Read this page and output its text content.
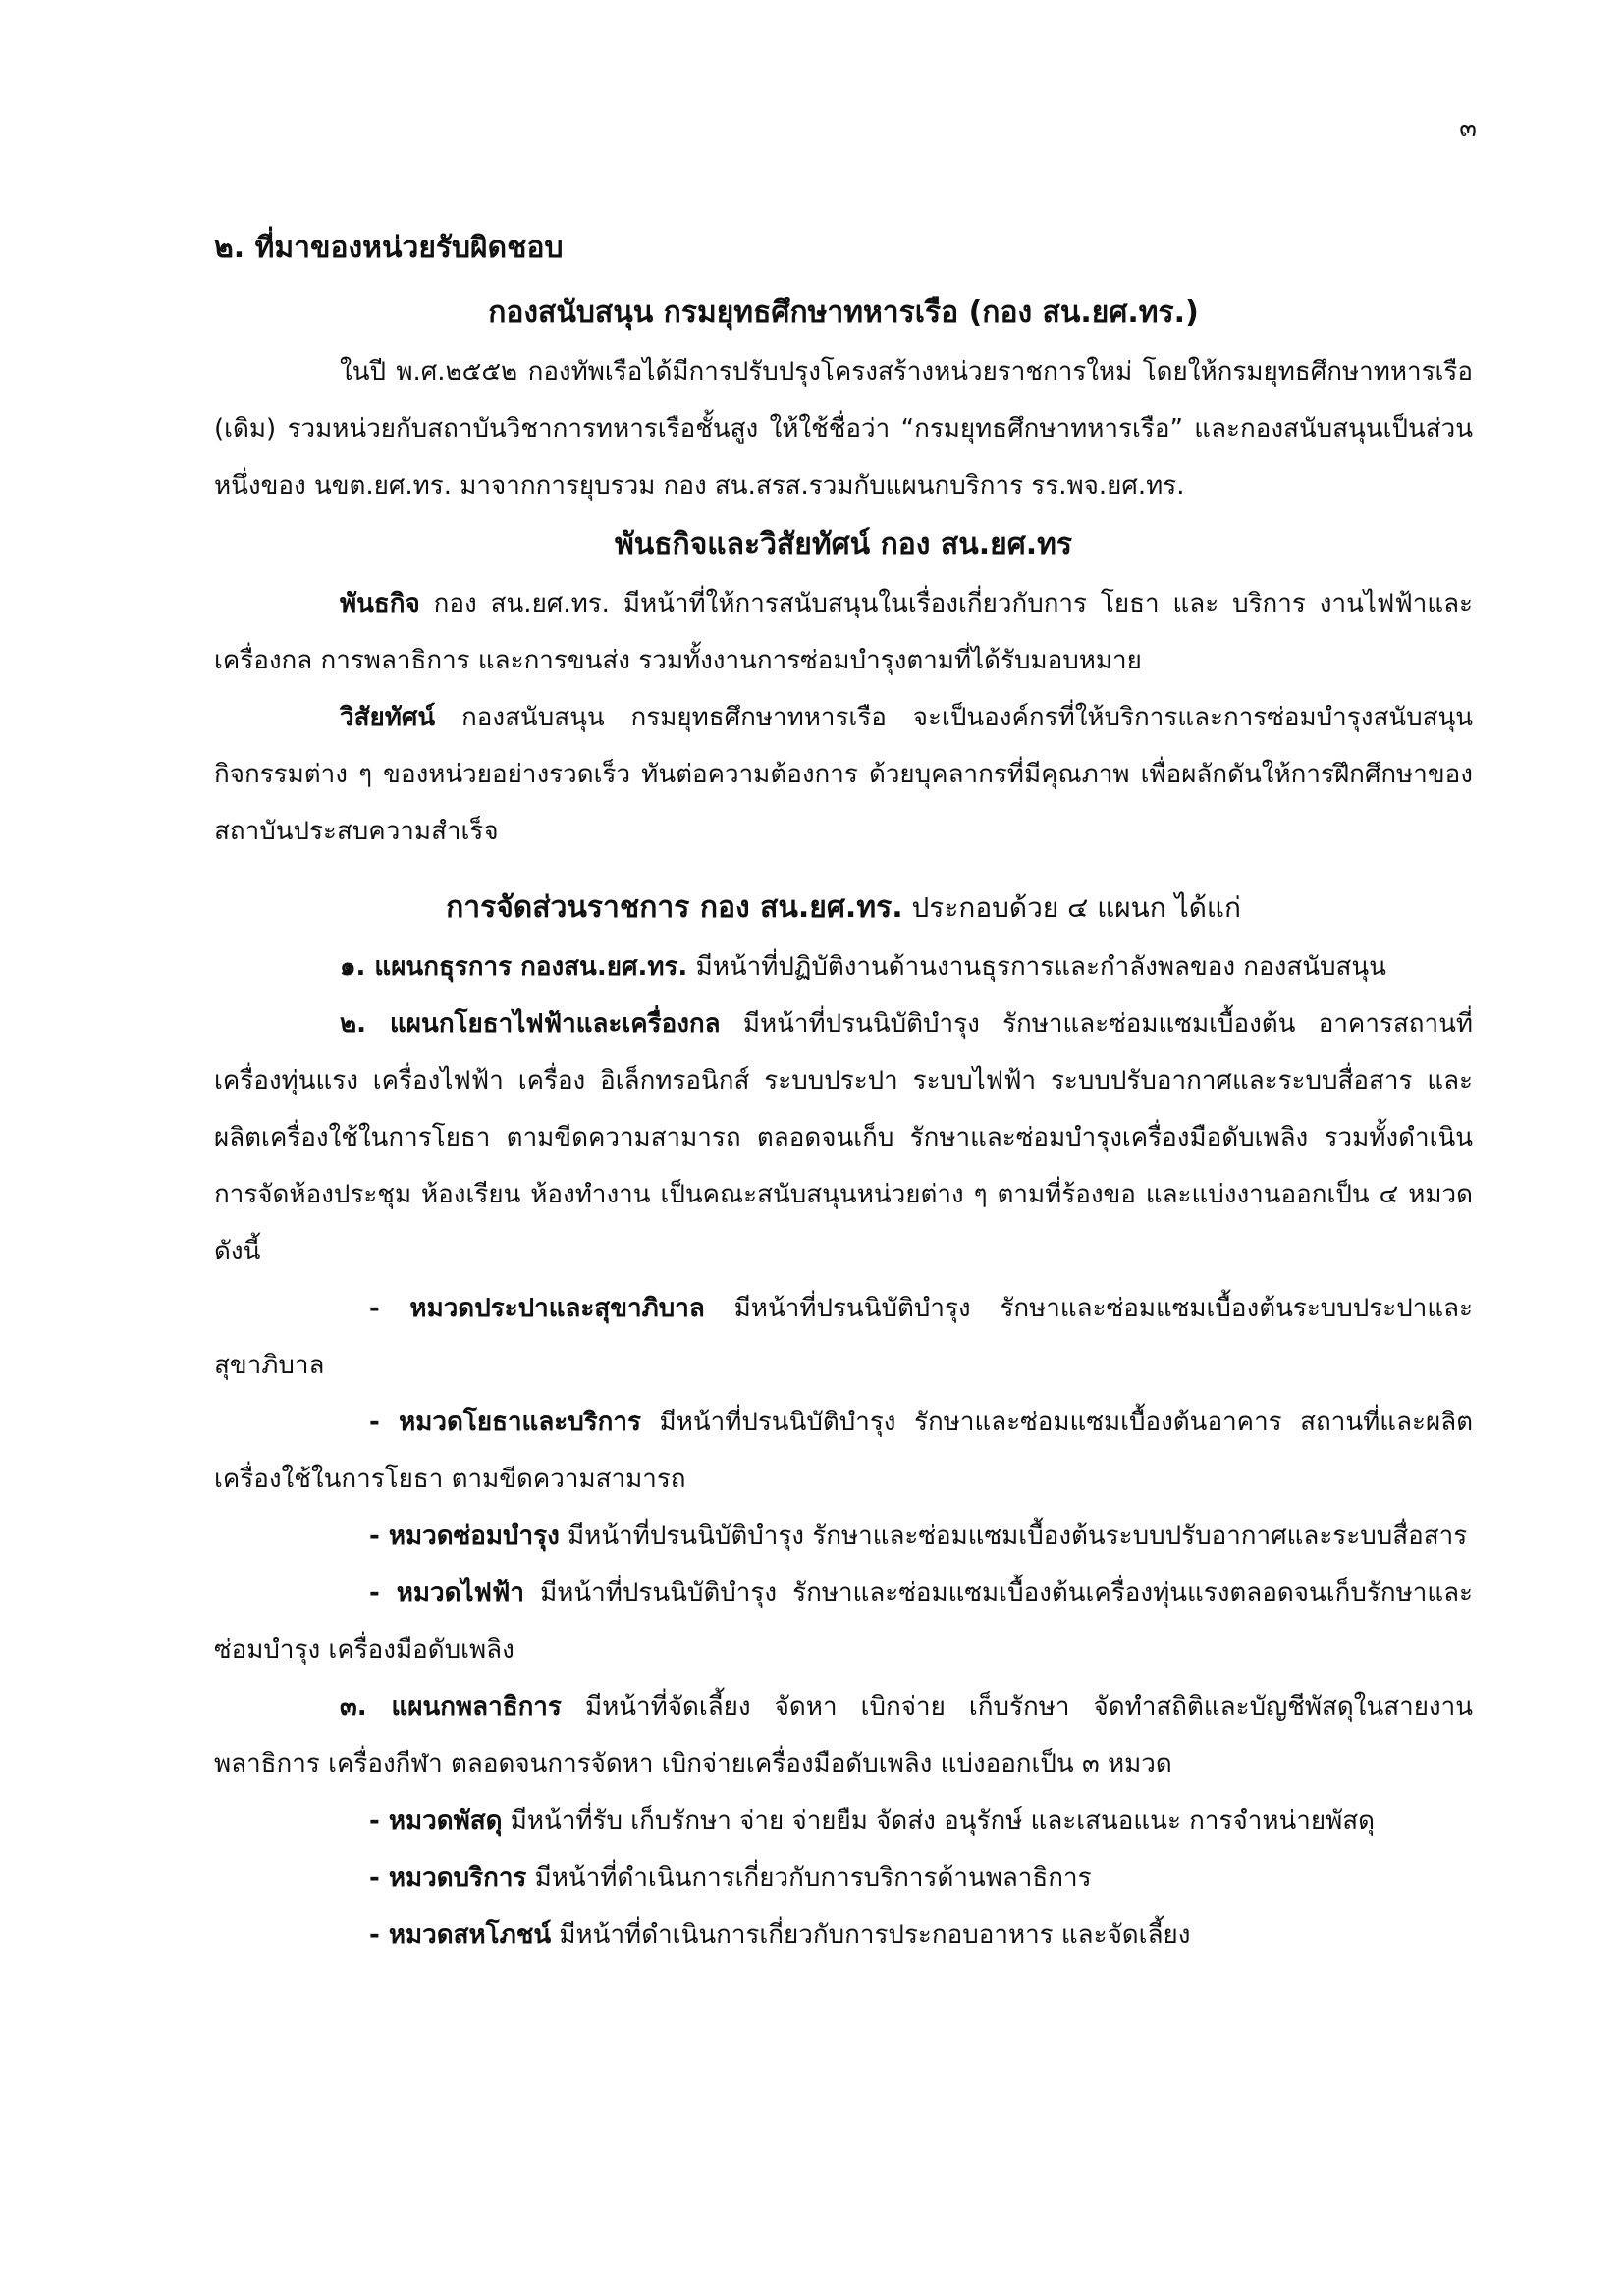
๓
๒. ที่มาของหน่วยรับผิดชอบ
กองสนับสนุน กรมยุทธศึกษาทหารเรือ (กอง สน.ยศ.ทร.)

ในปี พ.ศ.๒๕๕๒ กองทัพเรือได้มีการปรับปรุงโครงสร้างหน่วยราชการใหม่ โดยให้กรมยุทธศึกษาทหารเรือ (เดิม) รวมหน่วยกับสถาบันวิชาการทหารเรือชั้นสูง ให้ใช้ชื่อว่า “กรมยุทธศึกษาทหารเรือ” และกองสนับสนุนเป็นส่วนหนึ่งของ นขต.ยศ.ทร. มาจากการยุบรวม กอง สน.สรส.รวมกับแผนกบริการ รร.พจ.ยศ.ทร.

พันธกิจและวิสัยทัศน์ กอง สน.ยศ.ทร

พันธกิจ กอง สน.ยศ.ทร. มีหน้าที่ให้การสนับสนุนในเรื่องเกี่ยวกับการ โยธา และ บริการ งานไฟฟ้าและเครื่องกล การพลาธิการ และการขนส่ง รวมทั้งงานการซ่อมบำรุงตามที่ได้รับมอบหมาย

วิสัยทัศน์ กองสนับสนุน กรมยุทธศึกษาทหารเรือ จะเป็นองค์กรที่ให้บริการและการซ่อมบำรุงสนับสนุนกิจกรรมต่าง ๆ ของหน่วยอย่างรวดเร็ว ทันต่อความต้องการ ด้วยบุคลากรที่มีคุณภาพ เพื่อผลักดันให้การฝึกศึกษาของสถาบันประสบความสำเร็จ

การจัดส่วนราชการ กอง สน.ยศ.ทร. ประกอบด้วย ๔ แผนก ได้แก่

๑. แผนกธุรการ กองสน.ยศ.ทร. มีหน้าที่ปฏิบัติงานด้านงานธุรการและกำลังพลของ กองสนับสนุน

๒. แผนกโยธาไฟฟ้าและเครื่องกล มีหน้าที่ปรนนิบัติบำรุง รักษาและซ่อมแซมเบื้องต้น อาคารสถานที่ เครื่องทุ่นแรง เครื่องไฟฟ้า เครื่อง อิเล็กทรอนิกส์ ระบบประปา ระบบไฟฟ้า ระบบปรับอากาศและระบบสื่อสาร และผลิตเครื่องใช้ในการโยธา ตามขีดความสามารถ ตลอดจนเก็บ รักษาและซ่อมบำรุงเครื่องมือดับเพลิง รวมทั้งดำเนินการจัดห้องประชุม ห้องเรียน ห้องทำงาน เป็นคณะสนับสนุนหน่วยต่าง ๆ ตามที่ร้องขอ และแบ่งงานออกเป็น ๔ หมวดดังนี้

- หมวดประปาและสุขาภิบาล มีหน้าที่ปรนนิบัติบำรุง รักษาและซ่อมแซมเบื้องต้นระบบประปาและสุขาภิบาล

- หมวดโยธาและบริการ มีหน้าที่ปรนนิบัติบำรุง รักษาและซ่อมแซมเบื้องต้นอาคาร สถานที่และผลิตเครื่องใช้ในการโยธา ตามขีดความสามารถ

- หมวดซ่อมบำรุง มีหน้าที่ปรนนิบัติบำรุง รักษาและซ่อมแซมเบื้องต้นระบบปรับอากาศและระบบสื่อสาร

- หมวดไฟฟ้า มีหน้าที่ปรนนิบัติบำรุง รักษาและซ่อมแซมเบื้องต้นเครื่องทุ่นแรงตลอดจนเก็บรักษาและซ่อมบำรุง เครื่องมือดับเพลิง

๓. แผนกพลาธิการ มีหน้าที่จัดเลี้ยง จัดหา เบิกจ่าย เก็บรักษา จัดทำสถิติและบัญชีพัสดุในสายงานพลาธิการ เครื่องกีฬา ตลอดจนการจัดหา เบิกจ่ายเครื่องมือดับเพลิง แบ่งออกเป็น ๓ หมวด

- หมวดพัสดุ มีหน้าที่รับ เก็บรักษา จ่าย จ่ายยืม จัดส่ง อนุรักษ์ และเสนอแนะ การจำหน่ายพัสดุ

- หมวดบริการ มีหน้าที่ดำเนินการเกี่ยวกับการบริการด้านพลาธิการ

- หมวดสหโภชน์ มีหน้าที่ดำเนินการเกี่ยวกับการประกอบอาหาร และจัดเลี้ยง
